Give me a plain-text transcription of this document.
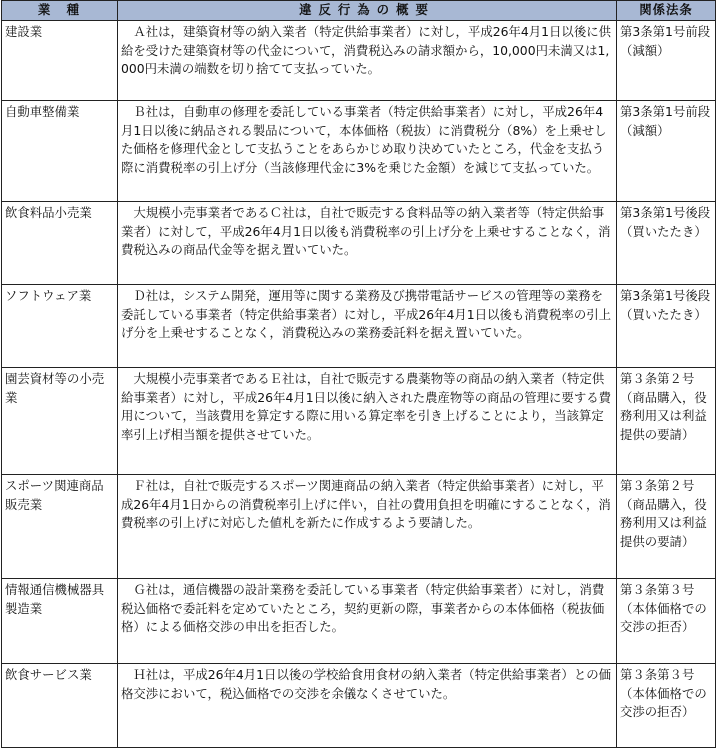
業　種	違反行為の概要	関係法条
建設業	Ａ社は，建築資材等の納入業者（特定供給事業者）に対し，平成26年4月1日以後に供給を受けた建築資材等の代金について，消費税込みの請求額から，10,000円未満又は1,000円未満の端数を切り捨てて支払っていた。	第3条第1号前段（減額）
自動車整備業	Ｂ社は，自動車の修理を委託している事業者（特定供給事業者）に対し，平成26年4月1日以後に納品される製品について，本体価格（税抜）に消費税分（8%）を上乗せした価格を修理代金として支払うことをあらかじめ取り決めていたところ，代金を支払う際に消費税率の引上げ分（当該修理代金に3%を乗じた金額）を減じて支払っていた。	第3条第1号前段（減額）
飲食料品小売業	大規模小売事業者であるＣ社は，自社で販売する食料品等の納入業者等（特定供給事業者）に対して，平成26年4月1日以後も消費税率の引上げ分を上乗せすることなく，消費税込みの商品代金等を据え置いていた。	第3条第1号後段（買いたたき）
ソフトウェア業	Ｄ社は，システム開発，運用等に関する業務及び携帯電話サービスの管理等の業務を委託している事業者（特定供給事業者）に対し，平成26年4月1日以後も消費税率の引上げ分を上乗せすることなく，消費税込みの業務委託料を据え置いていた。	第3条第1号後段（買いたたき）
園芸資材等の小売業	大規模小売事業者であるＥ社は，自社で販売する農薬物等の商品の納入業者（特定供給事業者）に対し，平成26年4月1日以後に納入された農産物等の商品の管理に要する費用について，当該費用を算定する際に用いる算定率を引き上げることにより，当該算定率引上げ相当額を提供させていた。	第３条第２号（商品購入，役務利用又は利益提供の要請）
スポーツ関連商品販売業	Ｆ社は，自社で販売するスポーツ関連商品の納入業者（特定供給事業者）に対し，平成26年4月1日からの消費税率引上げに伴い，自社の費用負担を明確にすることなく，消費税率の引上げに対応した値札を新たに作成するよう要請した。	第３条第２号（商品購入，役務利用又は利益提供の要請）
情報通信機械器具製造業	Ｇ社は，通信機器の設計業務を委託している事業者（特定供給事業者）に対し，消費税込価格で委託料を定めていたところ，契約更新の際，事業者からの本体価格（税抜価格）による価格交渉の申出を拒否した。	第３条第３号（本体価格での交渉の拒否）
飲食サービス業	Ｈ社は，平成26年4月1日以後の学校給食用食材の納入業者（特定供給事業者）との価格交渉において，税込価格での交渉を余儀なくさせていた。	第３条第３号（本体価格での交渉の拒否）
